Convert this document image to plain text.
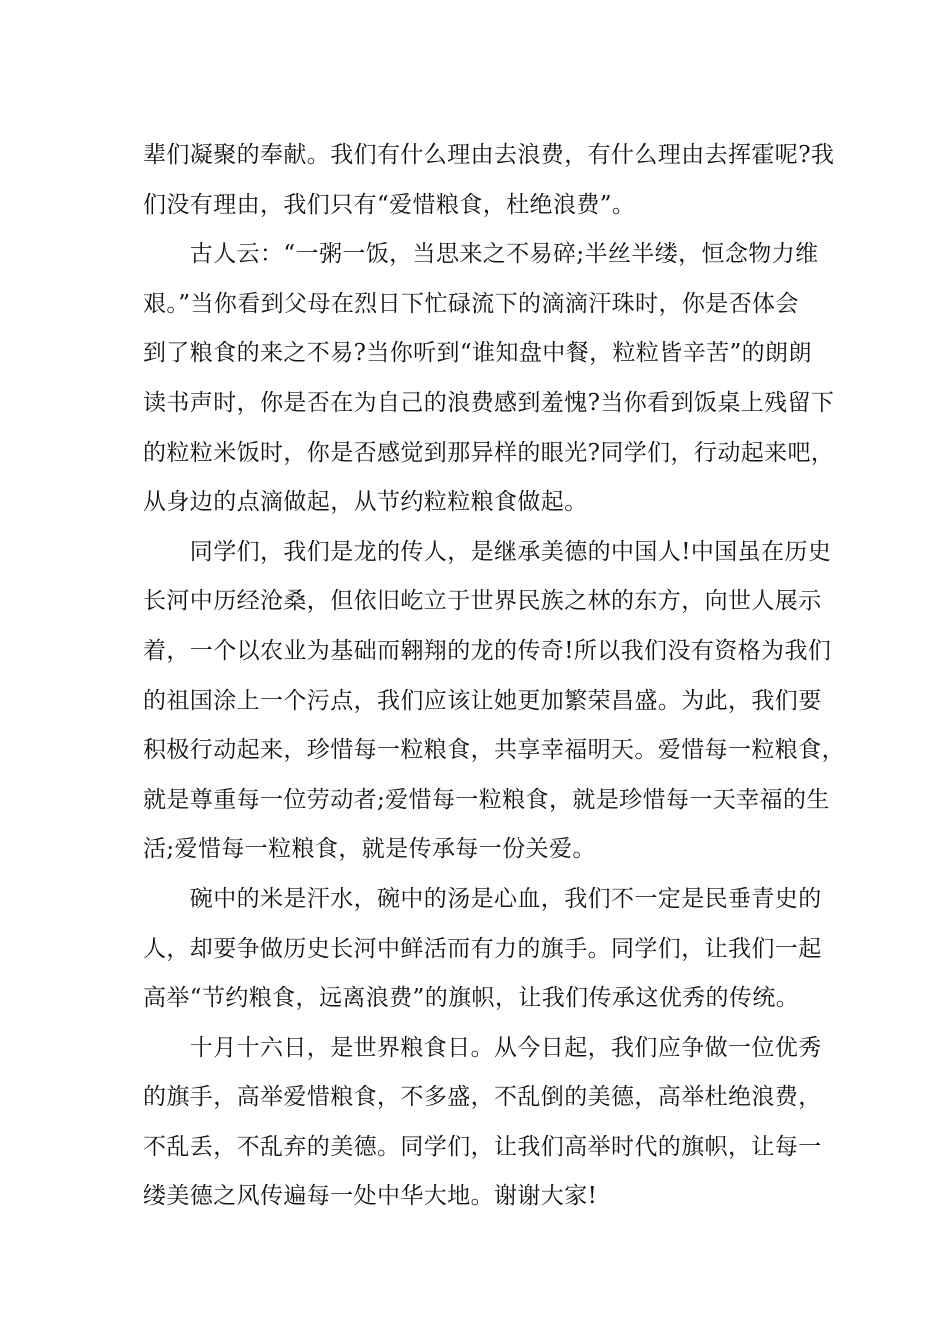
辈们凝聚的奉献。我们有什么理由去浪费，有什么理由去挥霍呢?我
们没有理由，我们只有“爱惜粮食，杜绝浪费”。

　　古人云：“一粥一饭，当思来之不易碎;半丝半缕，恒念物力维
艰。”当你看到父母在烈日下忙碌流下的滴滴汗珠时，你是否体会
到了粮食的来之不易?当你听到“谁知盘中餐，粒粒皆辛苦”的朗朗
读书声时，你是否在为自己的浪费感到羞愧?当你看到饭桌上残留下
的粒粒米饭时，你是否感觉到那异样的眼光?同学们，行动起来吧，
从身边的点滴做起，从节约粒粒粮食做起。

　　同学们，我们是龙的传人，是继承美德的中国人!中国虽在历史
长河中历经沧桑，但依旧屹立于世界民族之林的东方，向世人展示
着，一个以农业为基础而翱翔的龙的传奇!所以我们没有资格为我们
的祖国涂上一个污点，我们应该让她更加繁荣昌盛。为此，我们要
积极行动起来，珍惜每一粒粮食，共享幸福明天。爱惜每一粒粮食，
就是尊重每一位劳动者;爱惜每一粒粮食，就是珍惜每一天幸福的生
活;爱惜每一粒粮食，就是传承每一份关爱。

　　碗中的米是汗水，碗中的汤是心血，我们不一定是民垂青史的
人，却要争做历史长河中鲜活而有力的旗手。同学们，让我们一起
高举“节约粮食，远离浪费”的旗帜，让我们传承这优秀的传统。

　　十月十六日，是世界粮食日。从今日起，我们应争做一位优秀
的旗手，高举爱惜粮食，不多盛，不乱倒的美德，高举杜绝浪费，
不乱丢，不乱弃的美德。同学们，让我们高举时代的旗帜，让每一
缕美德之风传遍每一处中华大地。谢谢大家!
